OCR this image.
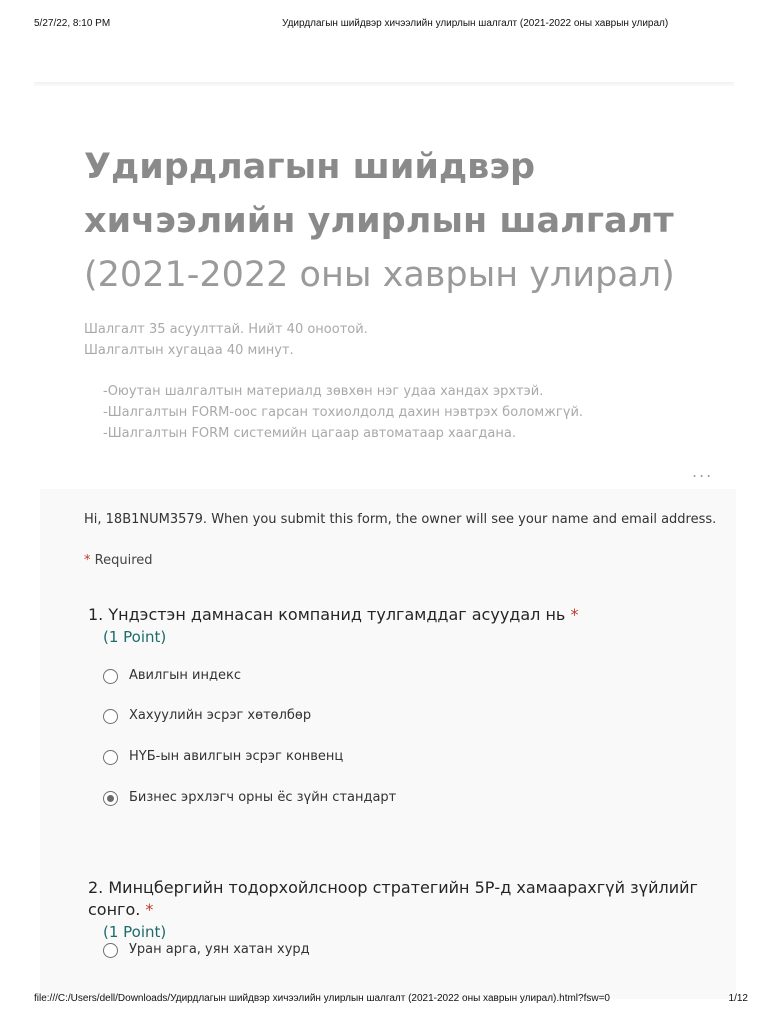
5/27/22, 8:10 PM	Удирдлагын шийдвэр хичээлийн улирлын шалгалт (2021-2022 оны хаврын улирал)
Удирдлагын шийдвэр хичээлийн улирлын шалгалт (2021-2022 оны хаврын улирал)

Шалгалт 35 асуулттай. Нийт 40 оноотой.

Шалгалтын хугацаа 40 минут.

-Оюутан шалгалтын материалд зөвхөн нэг удаа хандах эрхтэй.

-Шалгалтын FORM-оос гарсан тохиолдолд дахин нэвтрэх боломжгүй.

-Шалгалтын FORM системийн цагаар автоматаар хаагдана.

...
Hi, 18B1NUM3579. When you submit this form, the owner will see your name and email address.
* Required
1. Үндэстэн дамнасан компанид тулгамддаг асуудал нь *
(1 Point)
Авилгын индекс
Хахуулийн эсрэг хөтөлбөр
НҮБ-ын авилгын эсрэг конвенц
Бизнес эрхлэгч орны ёс зүйн стандарт
2. Минцбергийн тодорхойлсноор стратегийн 5Р-д хамаарахгүй зүйлийг сонго. *
(1 Point)
Уран арга, уян хатан хурд
file:///C:/Users/dell/Downloads/Удирдлагын шийдвэр хичээлийн улирлын шалгалт (2021-2022 оны хаврын улирал).html?fsw=0	1/12
